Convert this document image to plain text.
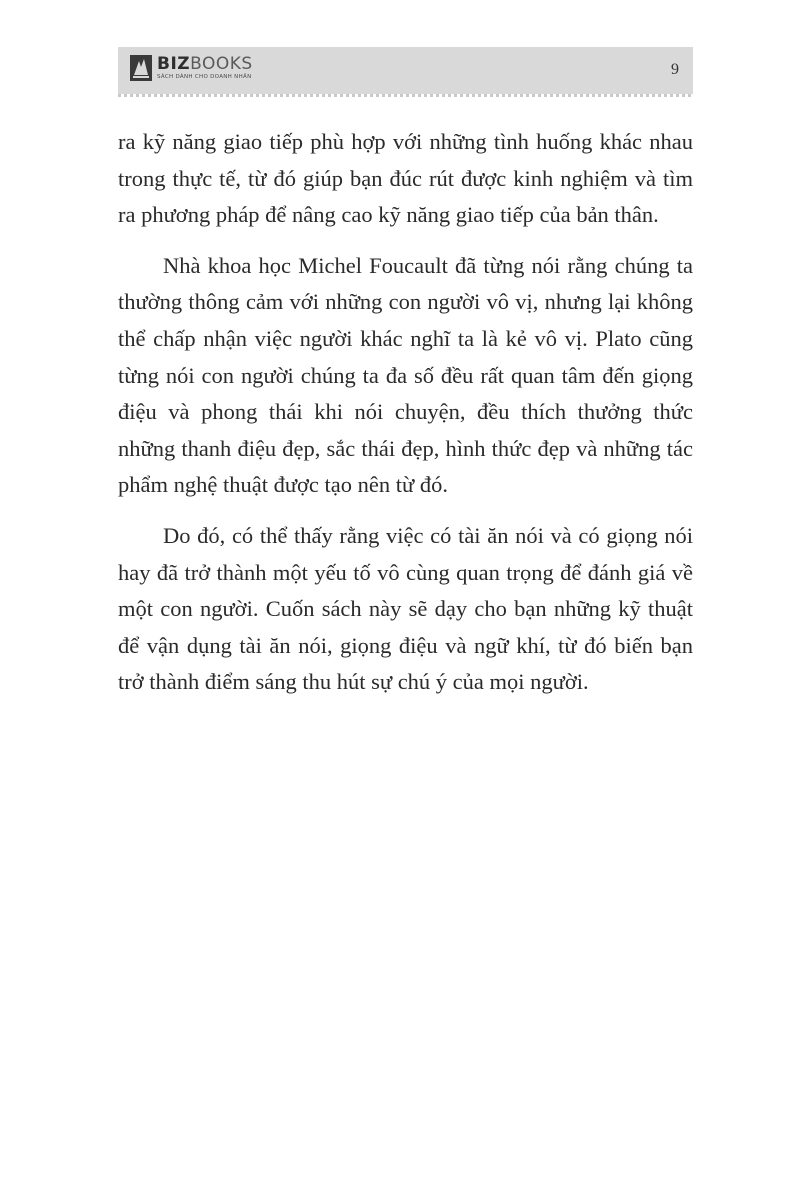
BIZBOOKS
SÁCH DÀNH CHO DOANH NHÂN	9

ra kỹ năng giao tiếp phù hợp với những tình huống khác nhau trong thực tế, từ đó giúp bạn đúc rút được kinh nghiệm và tìm ra phương pháp để nâng cao kỹ năng giao tiếp của bản thân.

Nhà khoa học Michel Foucault đã từng nói rằng chúng ta thường thông cảm với những con người vô vị, nhưng lại không thể chấp nhận việc người khác nghĩ ta là kẻ vô vị. Plato cũng từng nói con người chúng ta đa số đều rất quan tâm đến giọng điệu và phong thái khi nói chuyện, đều thích thưởng thức những thanh điệu đẹp, sắc thái đẹp, hình thức đẹp và những tác phẩm nghệ thuật được tạo nên từ đó.

Do đó, có thể thấy rằng việc có tài ăn nói và có giọng nói hay đã trở thành một yếu tố vô cùng quan trọng để đánh giá về một con người. Cuốn sách này sẽ dạy cho bạn những kỹ thuật để vận dụng tài ăn nói, giọng điệu và ngữ khí, từ đó biến bạn trở thành điểm sáng thu hút sự chú ý của mọi người.
